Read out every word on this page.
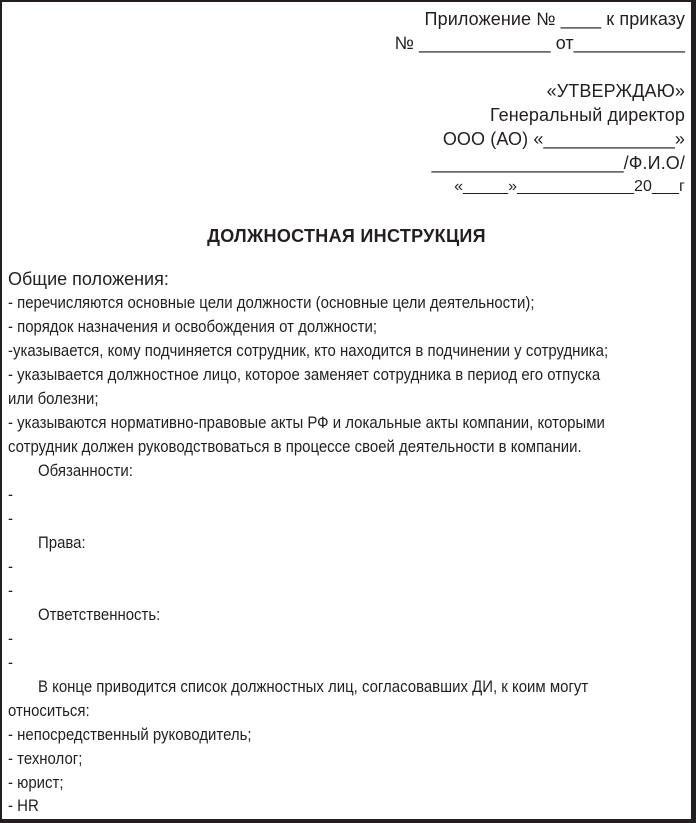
Приложение № ____ к приказу
№ _____________ от___________
«УТВЕРЖДАЮ»
Генеральный директор
ООО (АО) «_____________»
___________________/Ф.И.О/
«_____»_____________20___г
ДОЛЖНОСТНАЯ ИНСТРУКЦИЯ
Общие положения:
- перечисляются основные цели должности (основные цели деятельности);
- порядок назначения и освобождения от должности;
-указывается, кому подчиняется сотрудник, кто находится в подчинении у сотрудника;
- указывается должностное лицо, которое заменяет сотрудника в период его отпуска
или болезни;
- указываются нормативно-правовые акты РФ и локальные акты компании, которыми
сотрудник должен руководствоваться в процессе своей деятельности в компании.
Обязанности:
-
-
Права:
-
-
Ответственность:
-
-
В конце приводится список должностных лиц, согласовавших ДИ, к коим могут
относиться:
- непосредственный руководитель;
- технолог;
- юрист;
- HR
